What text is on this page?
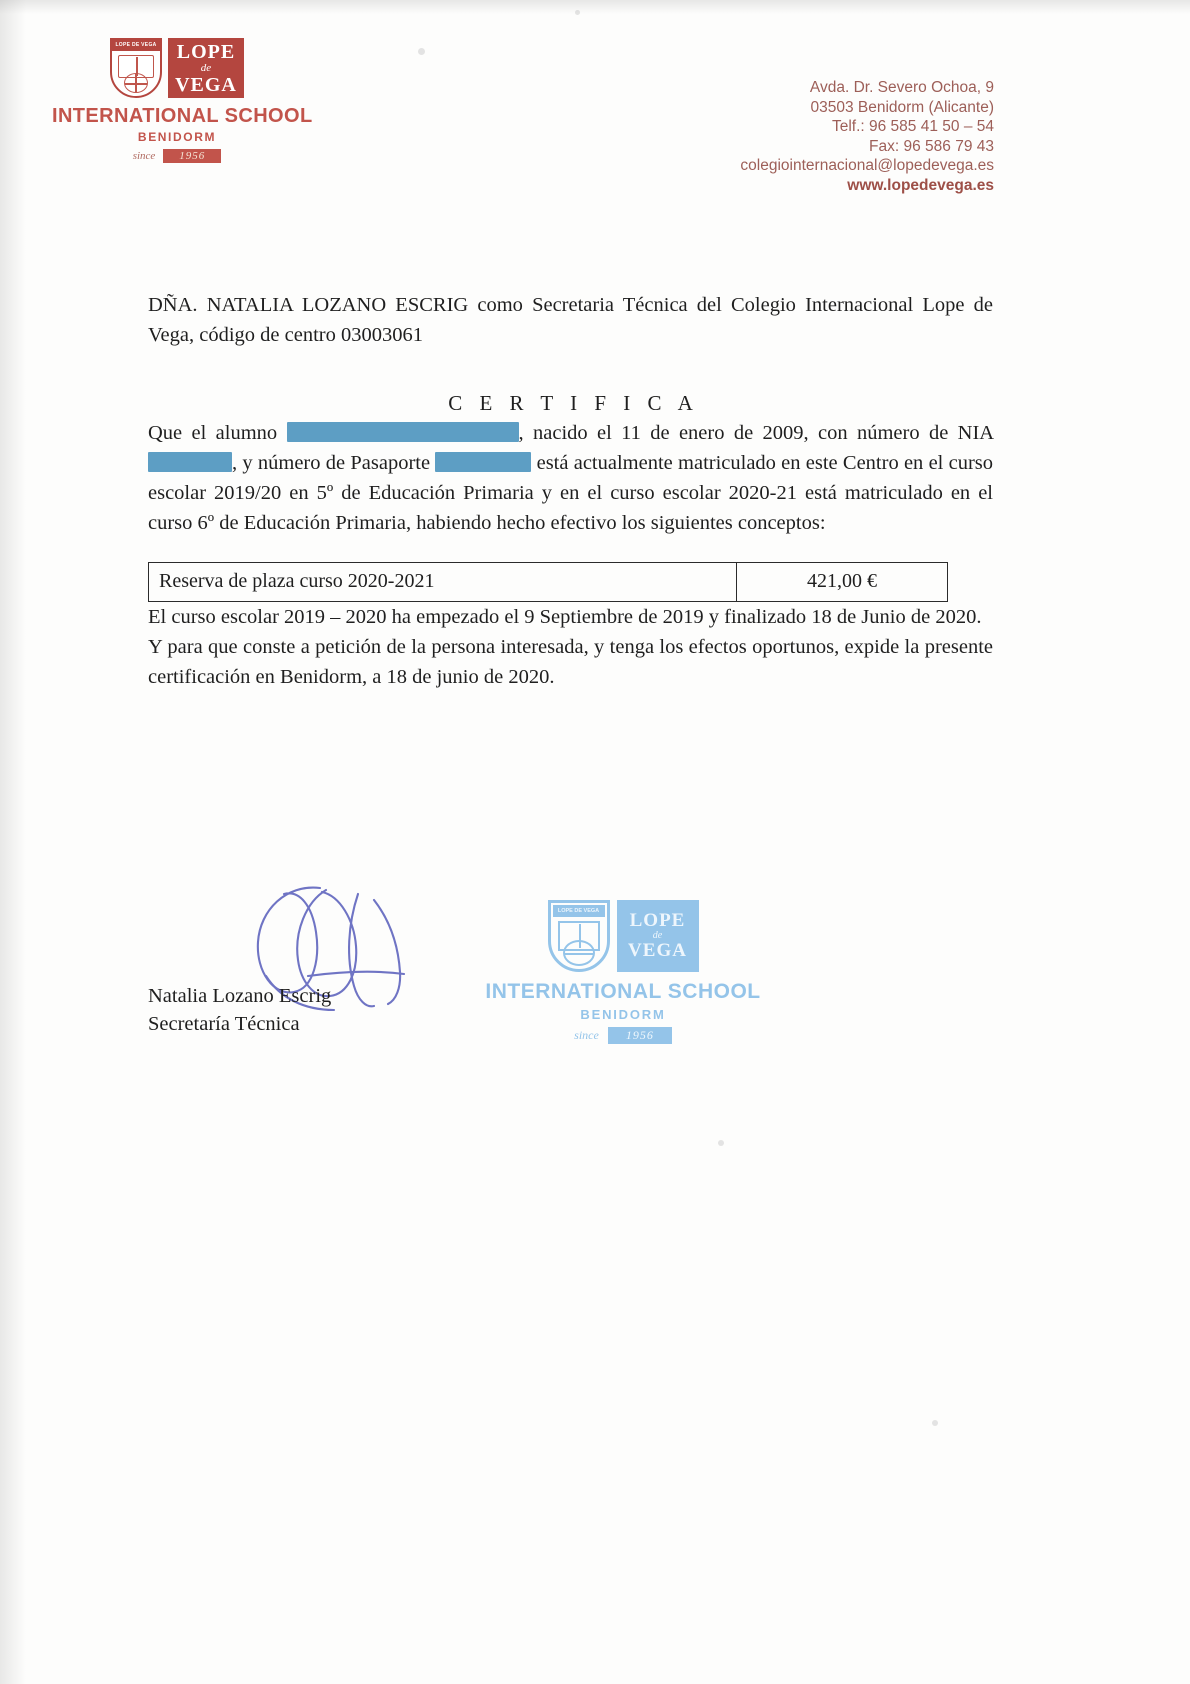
LOPE DE VEGA LOPE
de
VEGA
INTERNATIONAL SCHOOL
BENIDORM
since	1956
Avda. Dr. Severo Ochoa, 9
03503 Benidorm (Alicante)
Telf.: 96 585 41 50 – 54
Fax: 96 586 79 43
colegiointernacional@lopedevega.es
www.lopedevega.es

DÑA. NATALIA LOZANO ESCRIG como Secretaria Técnica del Colegio Internacional Lope de Vega, código de centro 03003061

C E R T I F I C A

Que el alumno	, nacido el 11 de enero de 2009, con número de NIA , y número de Pasaporte	está actualmente matriculado en este Centro en el curso escolar 2019/20 en 5º de Educación Primaria y en el curso escolar 2020-21 está matriculado en el curso 6º de Educación Primaria, habiendo hecho efectivo los siguientes conceptos:

Reserva de plaza curso 2020-2021	421,00 €

El curso escolar 2019 – 2020 ha empezado el 9 Septiembre de 2019 y finalizado 18 de Junio de 2020.

Y para que conste a petición de la persona interesada, y tenga los efectos oportunos, expide la presente certificación en Benidorm, a 18 de junio de 2020.

Natalia Lozano Escrig
Secretaría Técnica
LOPE DE VEGA LOPE
de
VEGA
INTERNATIONAL SCHOOL
BENIDORM
since	1956
